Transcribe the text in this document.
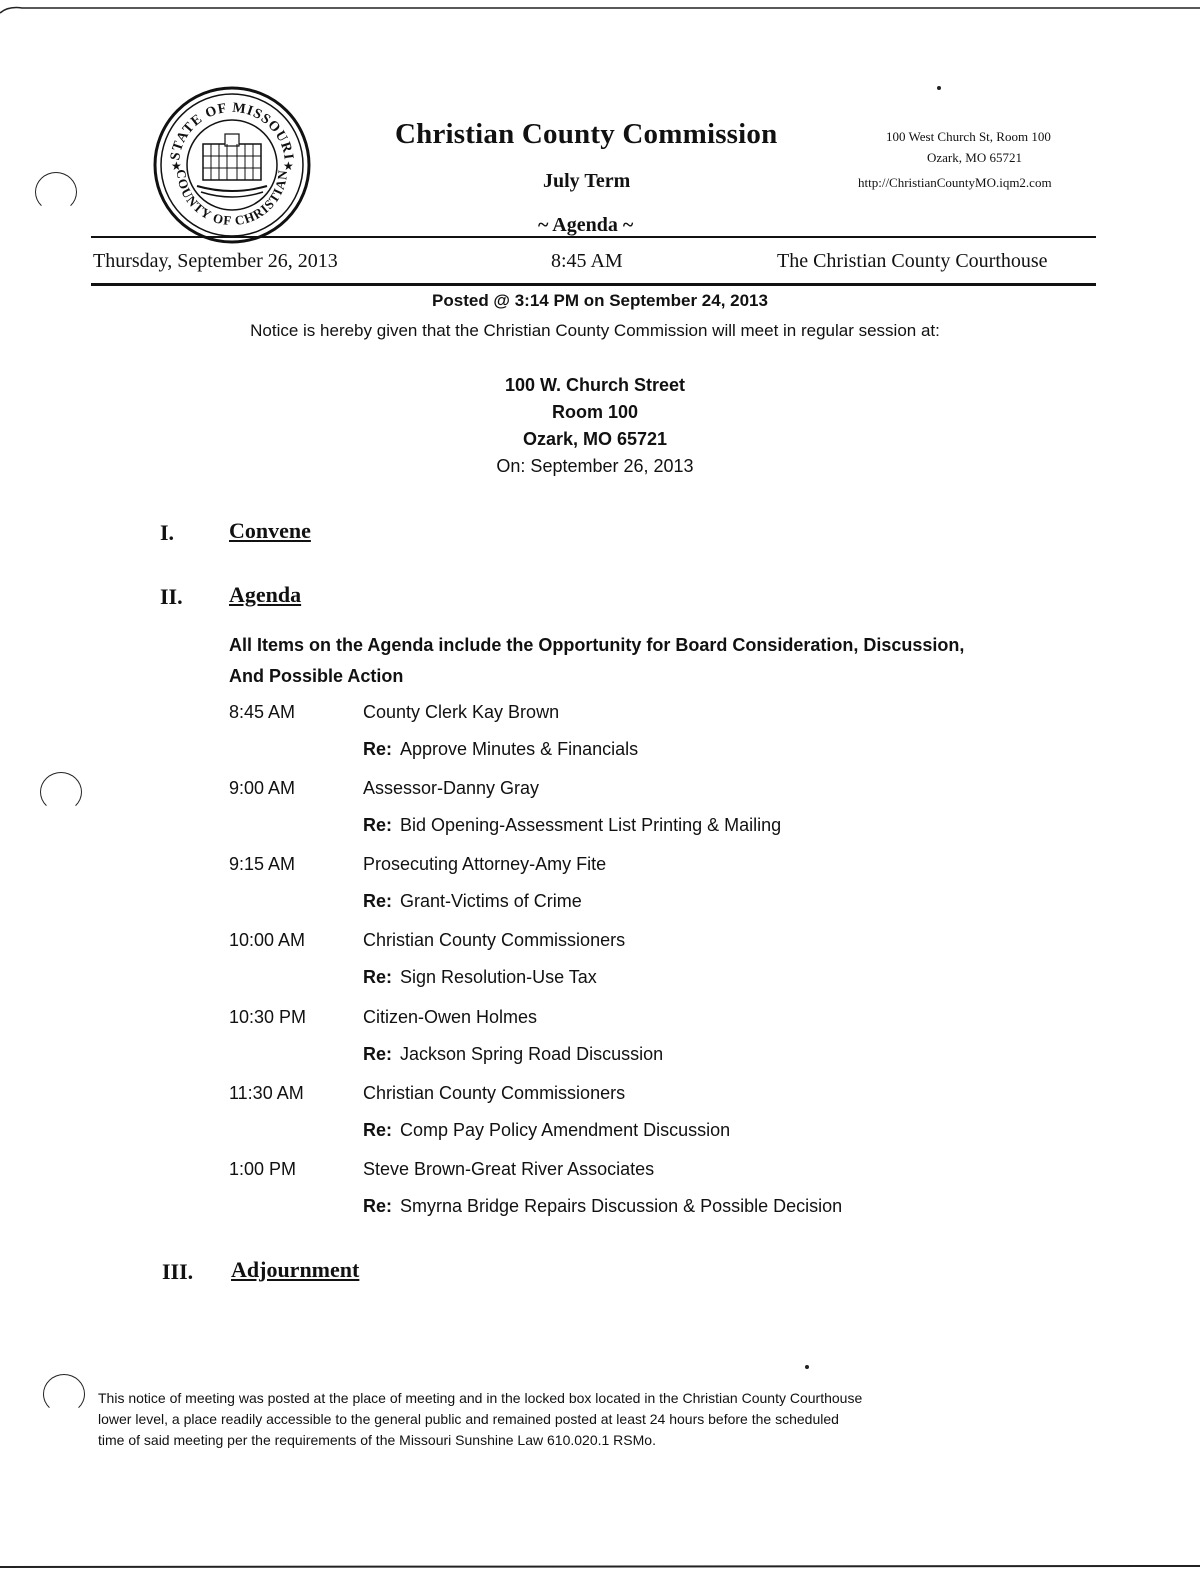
STATE OF MISSOURI
COUNTY OF CHRISTIAN
★	★
Christian County Commission
July Term
~ Agenda ~
100 West Church St, Room 100
Ozark, MO 65721
http://ChristianCountyMO.iqm2.com
Thursday, September 26, 2013	8:45 AM	The Christian County Courthouse
Posted @ 3:14 PM on September 24, 2013
Notice is hereby given that the Christian County Commission will meet in regular session at:
100 W. Church Street
Room 100
Ozark, MO 65721
On: September 26, 2013
I. Convene
II. Agenda
All Items on the Agenda include the Opportunity for Board Consideration, Discussion,
And Possible Action
8:45 AM	County Clerk Kay Brown
Re: Approve Minutes & Financials
9:00 AM	Assessor-Danny Gray
Re: Bid Opening-Assessment List Printing & Mailing
9:15 AM	Prosecuting Attorney-Amy Fite
Re: Grant-Victims of Crime
10:00 AM	Christian County Commissioners
Re: Sign Resolution-Use Tax
10:30 PM	Citizen-Owen Holmes
Re: Jackson Spring Road Discussion
11:30 AM	Christian County Commissioners
Re: Comp Pay Policy Amendment Discussion
1:00 PM	Steve Brown-Great River Associates
Re: Smyrna Bridge Repairs Discussion & Possible Decision
III. Adjournment
This notice of meeting was posted at the place of meeting and in the locked box located in the Christian County Courthouse
lower level, a place readily accessible to the general public and remained posted at least 24 hours before the scheduled
time of said meeting per the requirements of the Missouri Sunshine Law 610.020.1 RSMo.
